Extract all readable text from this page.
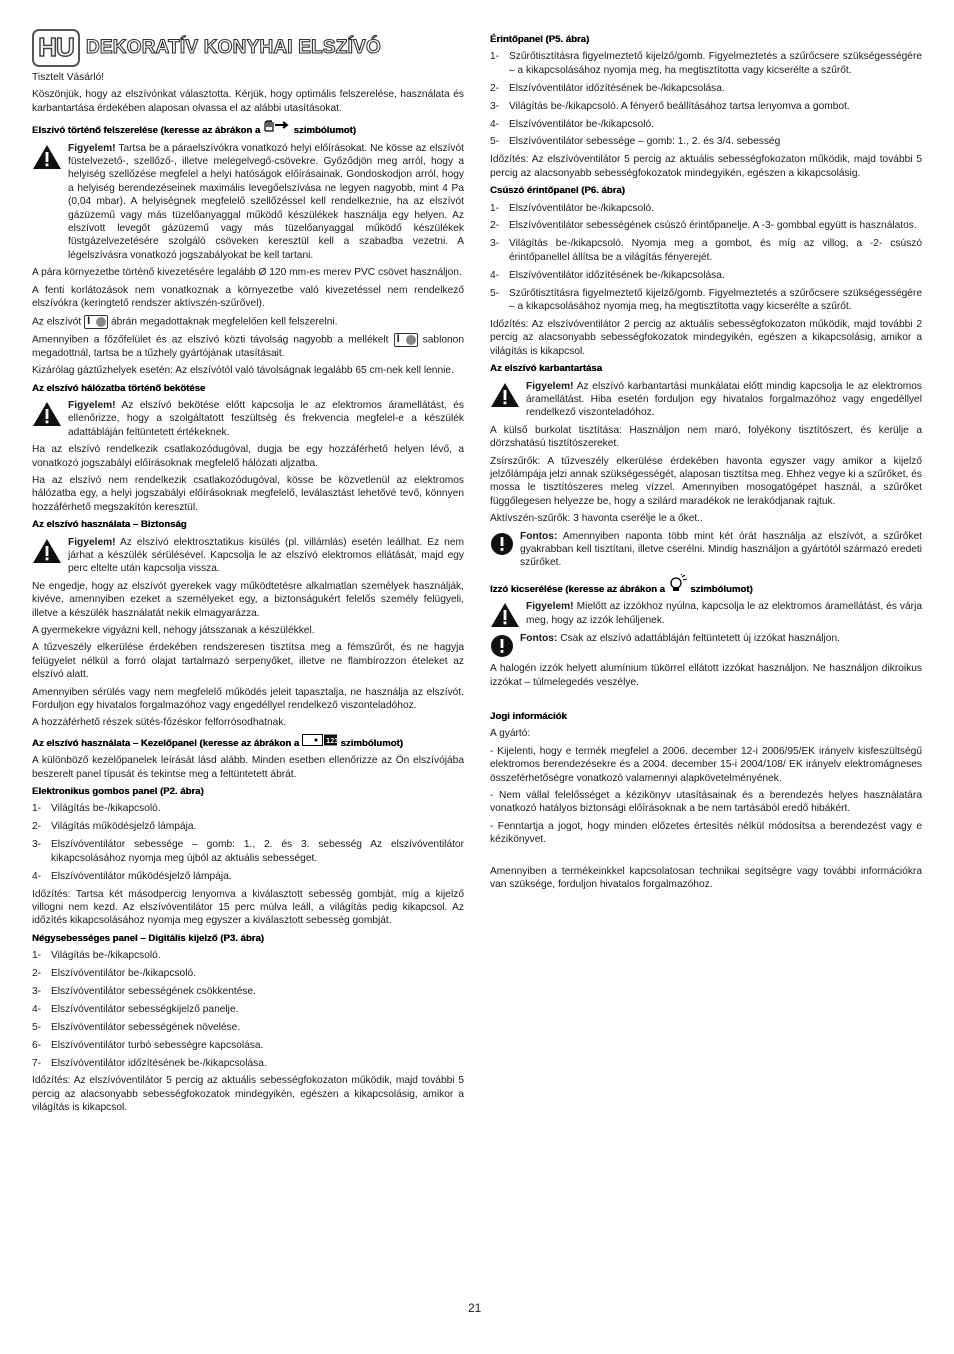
HU DEKORATÍV KONYHAI ELSZÍVÓ

Tisztelt Vásárló!

Köszönjük, hogy az elszívónkat választotta. Kérjük, hogy optimális felszerelése, használata és karbantartása érdekében alaposan olvassa el az alábbi utasításokat.

Elszívó történő felszerelése (keresse az ábrákon a	szimbólumot)
Figyelem! Tartsa be a páraelszívókra vonatkozó helyi előírásokat. Ne kösse az elszívót füstelvezető-, szellőző-, illetve melegelvegő-csövekre. Győződjön meg arról, hogy a helyiség szellőzése megfelel a helyi hatóságok előírásainak. Gondoskodjon arról, hogy a helyiség berendezéseinek maximális levegőelszívása ne legyen nagyobb, mint 4 Pa (0,04 mbar). A helyiségnek megfelelő szellőzéssel kell rendelkeznie, ha az elszívót gázüzemű vagy más tüzelőanyaggal működő készülékek használja egy helyen. Az elszívott levegőt gázüzemű vagy más tüzelőanyaggal működő készülékek füstgázelvezetésére szolgáló csöveken keresztül kell a szabadba vezetni. A légelszívásra vonatkozó jogszabályokat be kell tartani.

A pára környezetbe történő kivezetésére legalább Ø 120 mm-es merev PVC csövet használjon.

A fenti korlátozások nem vonatkoznak a környezetbe való kivezetéssel nem rendelkező elszívókra (keringtető rendszer aktívszén-szűrővel).

Az elszívót I ábrán megadottaknak megfelelően kell felszerelni.

Amennyiben a főzőfelület és az elszívó közti távolság nagyobb a mellékelt I sablonon megadottnál, tartsa be a tűzhely gyártójának utasításait.

Kizárólag gáztűzhelyek esetén: Az elszívótól való távolságnak legalább 65 cm-nek kell lennie.

Az elszívó hálózatba történő bekötése
Figyelem! Az elszívó bekötése előtt kapcsolja le az elektromos áramellátást, és ellenőrizze, hogy a szolgáltatott feszültség és frekvencia megfelel-e a készülék adattábláján feltüntetett értékeknek.

Ha az elszívó rendelkezik csatlakozódugóval, dugja be egy hozzáférhető helyen lévő, a vonatkozó jogszabályi előírásoknak megfelelő hálózati aljzatba.

Ha az elszívó nem rendelkezik csatlakozódugóval, kösse be közvetlenül az elektromos hálózatba egy, a helyi jogszabályi előírásoknak megfelelő, leválasztást lehetővé tevő, könnyen hozzáférhető megszakítón keresztül.

Az elszívó használata – Biztonság
Figyelem! Az elszívó elektrosztatikus kisülés (pl. villámlás) esetén leállhat. Ez nem járhat a készülék sérülésével. Kapcsolja le az elszívó elektromos ellátását, majd egy perc eltelte után kapcsolja vissza.

Ne engedje, hogy az elszívót gyerekek vagy működtetésre alkalmatlan személyek használják, kivéve, amennyiben ezeket a személyeket egy, a biztonságukért felelős személy felügyeli, illetve a készülék használatát nekik elmagyarázza.

A gyermekekre vigyázni kell, nehogy játsszanak a készülékkel.

A tűzveszély elkerülése érdekében rendszeresen tisztítsa meg a fémszűrőt, és ne hagyja felügyelet nélkül a forró olajat tartalmazó serpenyőket, illetve ne flambírozzon ételeket az elszívó alatt.

Amennyiben sérülés vagy nem megfelelő működés jeleit tapasztalja, ne használja az elszívót. Forduljon egy hivatalos forgalmazóhoz vagy engedéllyel rendelkező viszonteladóhoz.

A hozzáférhető részek sütés-főzéskor felforrósodhatnak.

Az elszívó használata – Kezelőpanel (keresse az ábrákon a	123 szimbólumot)

A különböző kezelőpanelek leírását lásd alább. Minden esetben ellenőrizze az Ön elszívójába beszerelt panel típusát és tekintse meg a feltüntetett ábrát.

Elektronikus gombos panel (P2. ábra)
1- Világítás be-/kikapcsoló.
2- Világítás működésjelző lámpája.
3- Elszívóventilátor sebessége – gomb: 1., 2. és 3. sebesség Az elszívóventilátor kikapcsolásához nyomja meg újból az aktuális sebességet.
4- Elszívóventilátor működésjelző lámpája.

Időzítés: Tartsa két másodpercig lenyomva a kiválasztott sebesség gombját, míg a kijelző villogni nem kezd. Az elszívóventilátor 15 perc múlva leáll, a világítás pedig kikapcsol. Az időzítés kikapcsolásához nyomja meg egyszer a kiválasztott sebesség gombját.

Négysebességes panel – Digitális kijelző (P3. ábra)
1- Világítás be-/kikapcsoló.
2- Elszívóventilátor be-/kikapcsoló.
3- Elszívóventilátor sebességének csökkentése.
4- Elszívóventilátor sebességkijelző panelje.
5- Elszívóventilátor sebességének növelése.
6- Elszívóventilátor turbó sebességre kapcsolása.
7- Elszívóventilátor időzítésének be-/kikapcsolása.

Időzítés: Az elszívóventilátor 5 percig az aktuális sebességfokozaton működik, majd további 5 percig az alacsonyabb sebességfokozatok mindegyikén, egészen a kikapcsolásig, amikor a világítás is kikapcsol.

Érintőpanel (P5. ábra)
1- Szűrőtisztításra figyelmeztető kijelző/gomb. Figyelmeztetés a szűrőcsere szükségességére – a kikapcsolásához nyomja meg, ha megtisztította vagy kicserélte a szűrőt.
2- Elszívóventilátor időzítésének be-/kikapcsolása.
3- Világítás be-/kikapcsoló. A fényerő beállításához tartsa lenyomva a gombot.
4- Elszívóventilátor be-/kikapcsoló.
5- Elszívóventilátor sebessége – gomb: 1., 2. és 3/4. sebesség

Időzítés: Az elszívóventilátor 5 percig az aktuális sebességfokozaton működik, majd további 5 percig az alacsonyabb sebességfokozatok mindegyikén, egészen a kikapcsolásig.

Csúszó érintőpanel (P6. ábra)
1- Elszívóventilátor be-/kikapcsoló.
2- Elszívóventilátor sebességének csúszó érintőpanelje. A -3- gombbal együtt is használatos.
3- Világítás be-/kikapcsoló. Nyomja meg a gombot, és míg az villog, a -2- csúszó érintőpanellel állítsa be a világítás fényerejét.
4- Elszívóventilátor időzítésének be-/kikapcsolása.
5- Szűrőtisztításra figyelmeztető kijelző/gomb. Figyelmeztetés a szűrőcsere szükségességére – a kikapcsolásához nyomja meg, ha megtisztította vagy kicserélte a szűrőt.

Időzítés: Az elszívóventilátor 2 percig az aktuális sebességfokozaton működik, majd további 2 percig az alacsonyabb sebességfokozatok mindegyikén, egészen a kikapcsolásig, amikor a világítás is kikapcsol.

Az elszívó karbantartása
Figyelem! Az elszívó karbantartási munkálatai előtt mindig kapcsolja le az elektromos áramellátást. Hiba esetén forduljon egy hivatalos forgalmazóhoz vagy engedéllyel rendelkező viszonteladóhoz.

A külső burkolat tisztítása: Használjon nem maró, folyékony tisztítószert, és kerülje a dörzshatású tisztítószereket.

Zsírszűrők: A tűzveszély elkerülése érdekében havonta egyszer vagy amikor a kijelző jelzőlámpája jelzi annak szükségességét, alaposan tisztítsa meg. Ehhez vegye ki a szűrőket, és mossa le tisztítószeres meleg vízzel. Amennyiben mosogatógépet használ, a szűrőket függőlegesen helyezze be, hogy a szilárd maradékok ne lerakódjanak rajtuk.

Aktívszén-szűrők: 3 havonta cserélje le a őket..

Fontos: Amennyiben naponta több mint két órát használja az elszívót, a szűrőket gyakrabban kell tisztítani, illetve cserélni. Mindig használjon a gyártótól származó eredeti szűrőket.
Izzó kicserélése (keresse az ábrákon a	szimbólumot)
Figyelem! Mielőtt az izzókhoz nyúlna, kapcsolja le az elektromos áramellátást, és várja meg, hogy az izzók lehűljenek.
Fontos: Csak az elszívó adattábláján feltüntetett új izzókat használjon.

A halogén izzók helyett alumínium tükörrel ellátott izzókat használjon. Ne használjon dikroikus izzókat – túlmelegedés veszélye.

Jogi információk

A gyártó:

- Kijelenti, hogy e termék megfelel a 2006. december 12-i 2006/95/EK irányelv kisfeszültségű elektromos berendezésekre és a 2004. december 15-i 2004/108/ EK irányelv elektromágneses összeférhetőségre vonatkozó valamennyi alapkövetelményének.

- Nem vállal felelősséget a kézikönyv utasításainak és a berendezés helyes használatára vonatkozó hatályos biztonsági előírásoknak a be nem tartásából eredő hibákért.

- Fenntartja a jogot, hogy minden előzetes értesítés nélkül módosítsa a berendezést vagy e kézikönyvet.

Amennyiben a termékeinkkel kapcsolatosan technikai segítségre vagy további információkra van szüksége, forduljon hivatalos forgalmazóhoz.

21
